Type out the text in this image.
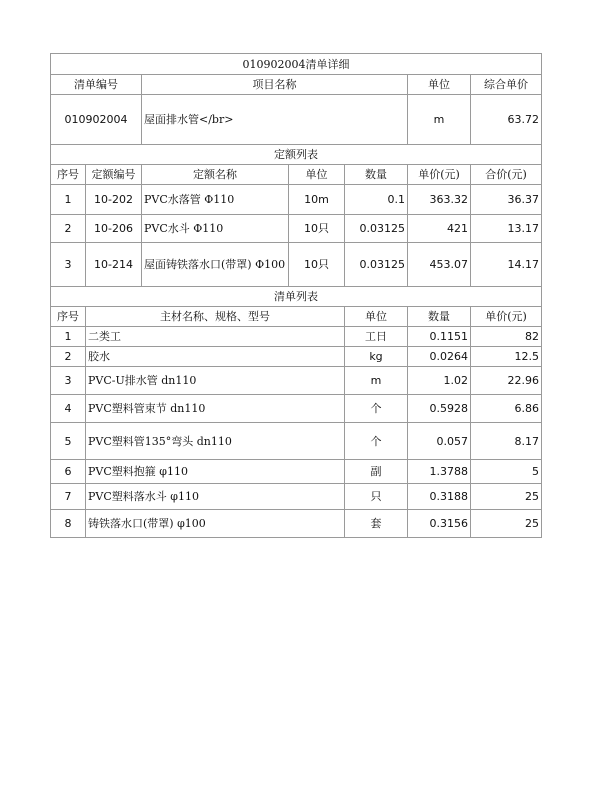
010902004清单详细							
清单编号		项目名称			单位	综合单价	
010902004		屋面排水管</br>			m	63.72	
定额列表							
序号	定额编号	定额名称	单位	数量	单价(元)	合价(元)	
1	10-202	PVC水落管 Φ110	10m	0.1	363.32	36.37	
2	10-206	PVC水斗 Φ110	10只	0.03125	421	13.17	
3	10-214	屋面铸铁落水口(带罩) Φ100	10只	0.03125	453.07	14.17	
清单列表							
序号	主材名称、规格、型号			单位	数量	单价(元)	
1	二类工			工日	0.1151	82	
2	胶水			kg	0.0264	12.5	
3	PVC-U排水管 dn110			m	1.02	22.96	
4	PVC塑料管束节 dn110			个	0.5928	6.86	
5	PVC塑料管135°弯头 dn110			个	0.057	8.17	
6	PVC塑料抱箍 φ110			副	1.3788	5	
7	PVC塑料落水斗 φ110			只	0.3188	25	
8	铸铁落水口(带罩) φ100			套	0.3156	25	
